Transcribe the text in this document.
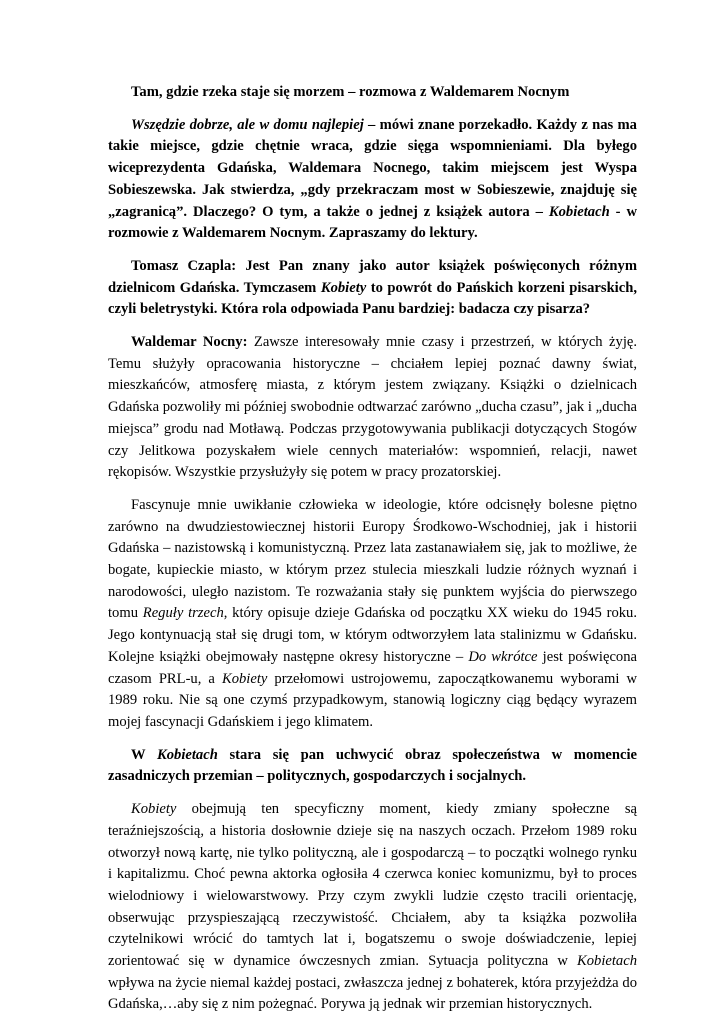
Tam, gdzie rzeka staje się morzem – rozmowa z Waldemarem Nocnym

Wszędzie dobrze, ale w domu najlepiej – mówi znane porzekadło. Każdy z nas ma takie miejsce, gdzie chętnie wraca, gdzie sięga wspomnieniami. Dla byłego wiceprezydenta Gdańska, Waldemara Nocnego, takim miejscem jest Wyspa Sobieszewska. Jak stwierdza, „gdy przekraczam most w Sobieszewie, znajduję się „zagranicą”. Dlaczego? O tym, a także o jednej z książek autora – Kobietach - w rozmowie z Waldemarem Nocnym. Zapraszamy do lektury.

Tomasz Czapla: Jest Pan znany jako autor książek poświęconych różnym dzielnicom Gdańska. Tymczasem Kobiety to powrót do Pańskich korzeni pisarskich, czyli beletrystyki. Która rola odpowiada Panu bardziej: badacza czy pisarza?

Waldemar Nocny: Zawsze interesowały mnie czasy i przestrzeń, w których żyję. Temu służyły opracowania historyczne – chciałem lepiej poznać dawny świat, mieszkańców, atmosferę miasta, z którym jestem związany. Książki o dzielnicach Gdańska pozwoliły mi później swobodnie odtwarzać zarówno „ducha czasu”, jak i „ducha miejsca” grodu nad Motławą. Podczas przygotowywania publikacji dotyczących Stogów czy Jelitkowa pozyskałem wiele cennych materiałów: wspomnień, relacji, nawet rękopisów. Wszystkie przysłużyły się potem w pracy prozatorskiej.

Fascynuje mnie uwikłanie człowieka w ideologie, które odcisnęły bolesne piętno zarówno na dwudziestowiecznej historii Europy Środkowo-Wschodniej, jak i historii Gdańska – nazistowską i komunistyczną. Przez lata zastanawiałem się, jak to możliwe, że bogate, kupieckie miasto, w którym przez stulecia mieszkali ludzie różnych wyznań i narodowości, uległo nazistom. Te rozważania stały się punktem wyjścia do pierwszego tomu Reguły trzech, który opisuje dzieje Gdańska od początku XX wieku do 1945 roku. Jego kontynuacją stał się drugi tom, w którym odtworzyłem lata stalinizmu w Gdańsku. Kolejne książki obejmowały następne okresy historyczne – Do wkrótce jest poświęcona czasom PRL-u, a Kobiety przełomowi ustrojowemu, zapoczątkowanemu wyborami w 1989 roku. Nie są one czymś przypadkowym, stanowią logiczny ciąg będący wyrazem mojej fascynacji Gdańskiem i jego klimatem.

W Kobietach stara się pan uchwycić obraz społeczeństwa w momencie zasadniczych przemian – politycznych, gospodarczych i socjalnych.

Kobiety obejmują ten specyficzny moment, kiedy zmiany społeczne są teraźniejszością, a historia dosłownie dzieje się na naszych oczach. Przełom 1989 roku otworzył nową kartę, nie tylko polityczną, ale i gospodarczą – to początki wolnego rynku i kapitalizmu. Choć pewna aktorka ogłosiła 4 czerwca koniec komunizmu, był to proces wielodniowy i wielowarstwowy. Przy czym zwykli ludzie często tracili orientację, obserwując przyspieszającą rzeczywistość. Chciałem, aby ta książka pozwoliła czytelnikowi wrócić do tamtych lat i, bogatszemu o swoje doświadczenie, lepiej zorientować się w dynamice ówczesnych zmian. Sytuacja polityczna w Kobietach wpływa na życie niemal każdej postaci, zwłaszcza jednej z bohaterek, która przyjeżdża do Gdańska,…aby się z nim pożegnać. Porywa ją jednak wir przemian historycznych.
